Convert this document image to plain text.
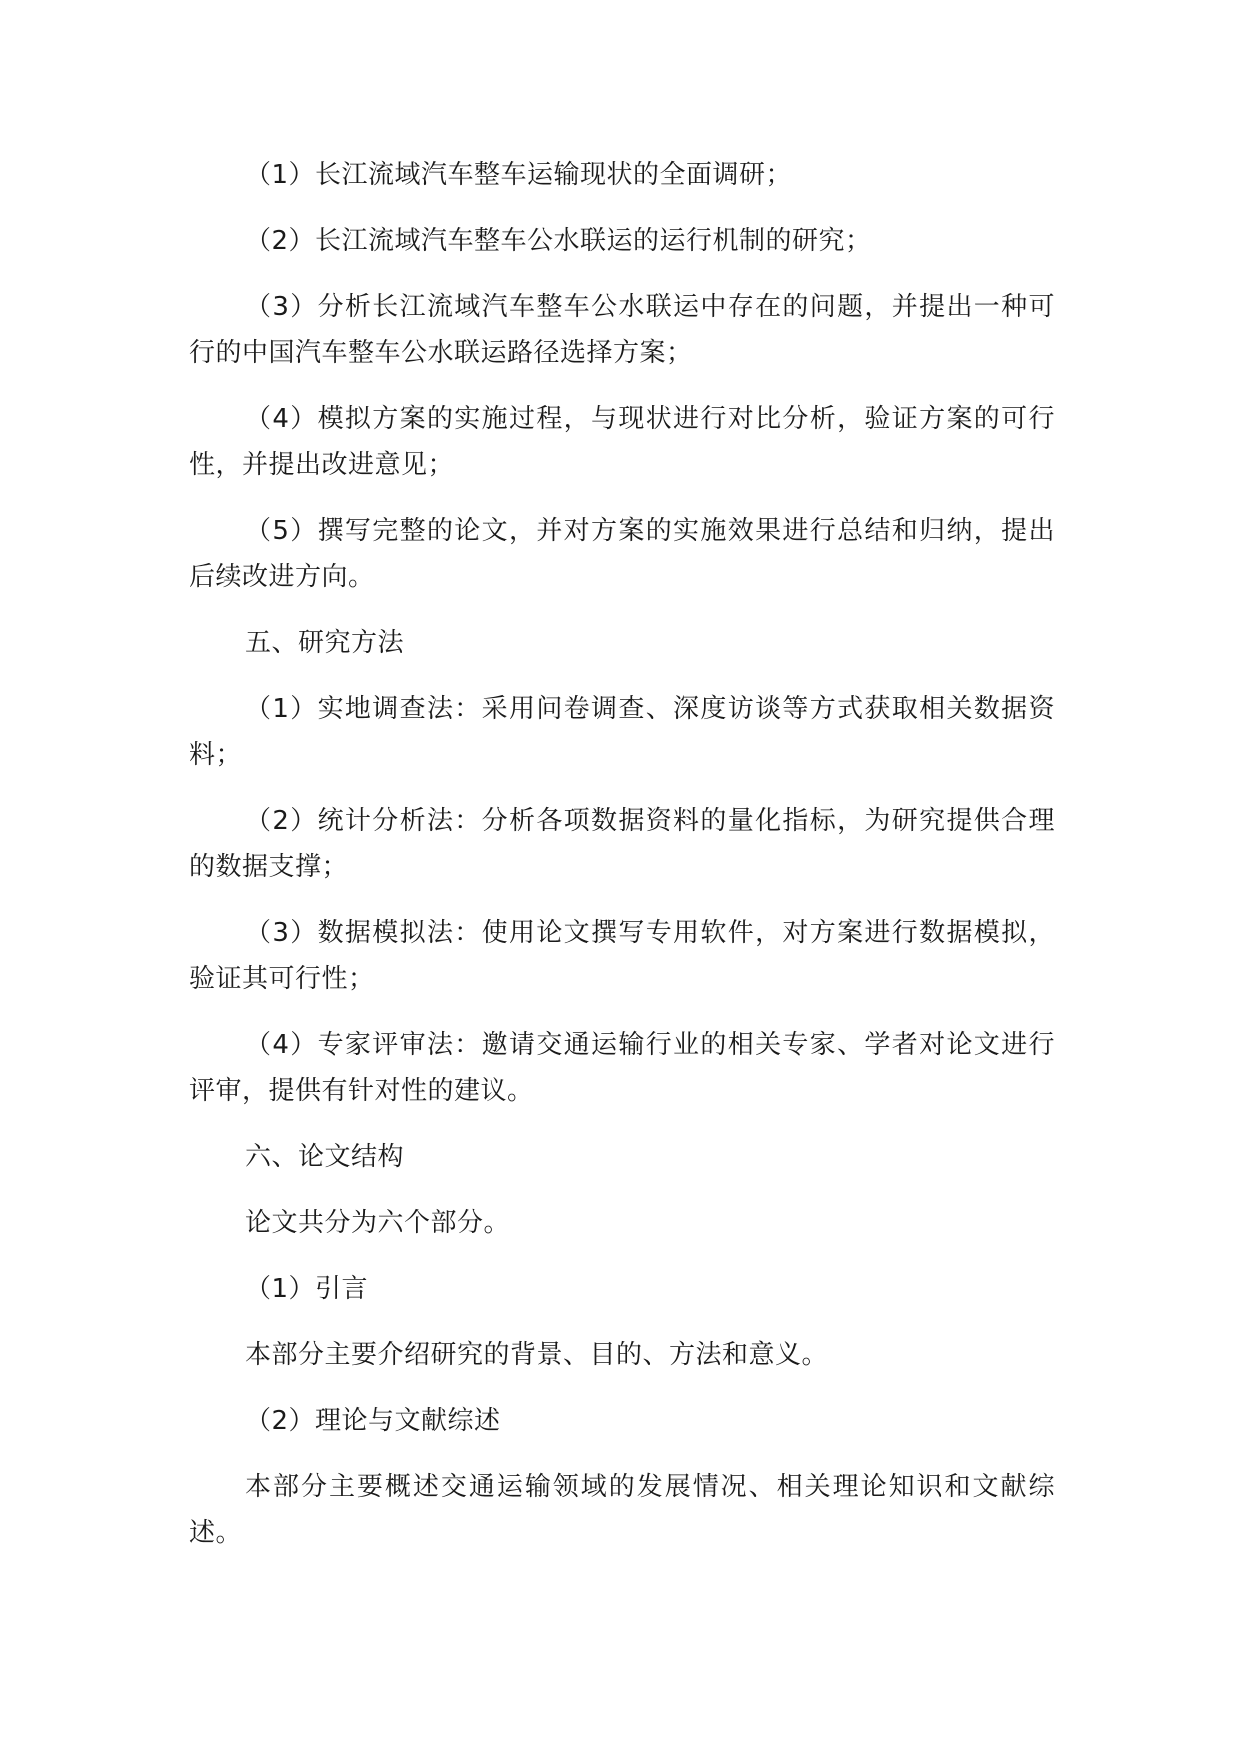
（1）长江流域汽车整车运输现状的全面调研；

（2）长江流域汽车整车公水联运的运行机制的研究；

（3）分析长江流域汽车整车公水联运中存在的问题，并提出一种可行的中国汽车整车公水联运路径选择方案；

（4）模拟方案的实施过程，与现状进行对比分析，验证方案的可行性，并提出改进意见；

（5）撰写完整的论文，并对方案的实施效果进行总结和归纳，提出后续改进方向。

五、研究方法

（1）实地调查法：采用问卷调查、深度访谈等方式获取相关数据资料；

（2）统计分析法：分析各项数据资料的量化指标，为研究提供合理的数据支撑；

（3）数据模拟法：使用论文撰写专用软件，对方案进行数据模拟，验证其可行性；

（4）专家评审法：邀请交通运输行业的相关专家、学者对论文进行评审，提供有针对性的建议。

六、论文结构

论文共分为六个部分。

（1）引言

本部分主要介绍研究的背景、目的、方法和意义。

（2）理论与文献综述

本部分主要概述交通运输领域的发展情况、相关理论知识和文献综述。
